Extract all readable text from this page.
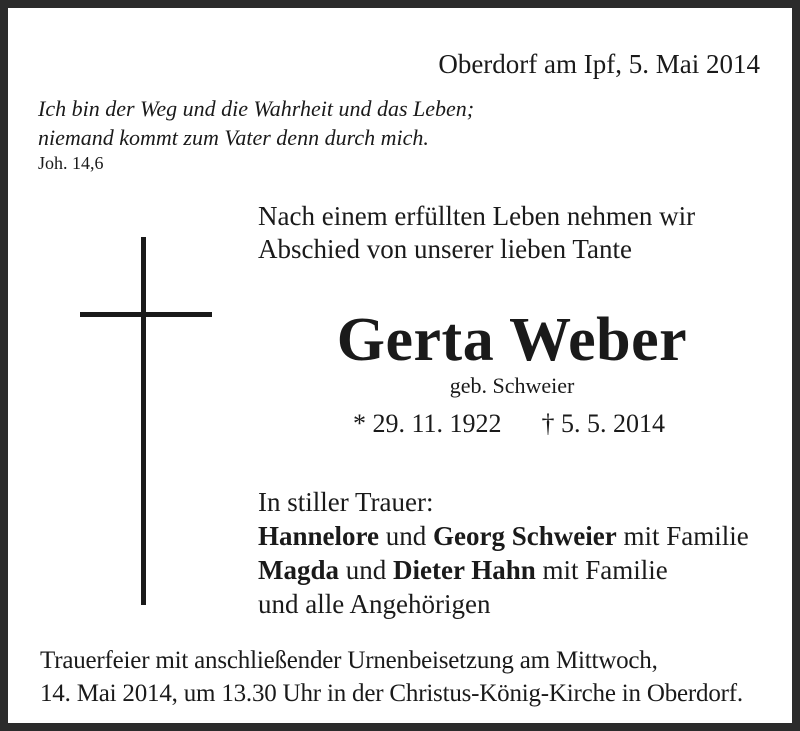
Oberdorf am Ipf, 5. Mai 2014
Ich bin der Weg und die Wahrheit und das Leben;
niemand kommt zum Vater denn durch mich.
Joh. 14,6
Nach einem erfüllten Leben nehmen wir
Abschied von unserer lieben Tante
Gerta Weber
geb. Schweier
* 29. 11. 1922 † 5. 5. 2014
In stiller Trauer:
Hannelore und Georg Schweier mit Familie
Magda und Dieter Hahn mit Familie
und alle Angehörigen
Trauerfeier mit anschließender Urnenbeisetzung am Mittwoch,
14. Mai 2014, um 13.30 Uhr in der Christus-König-Kirche in Oberdorf.
